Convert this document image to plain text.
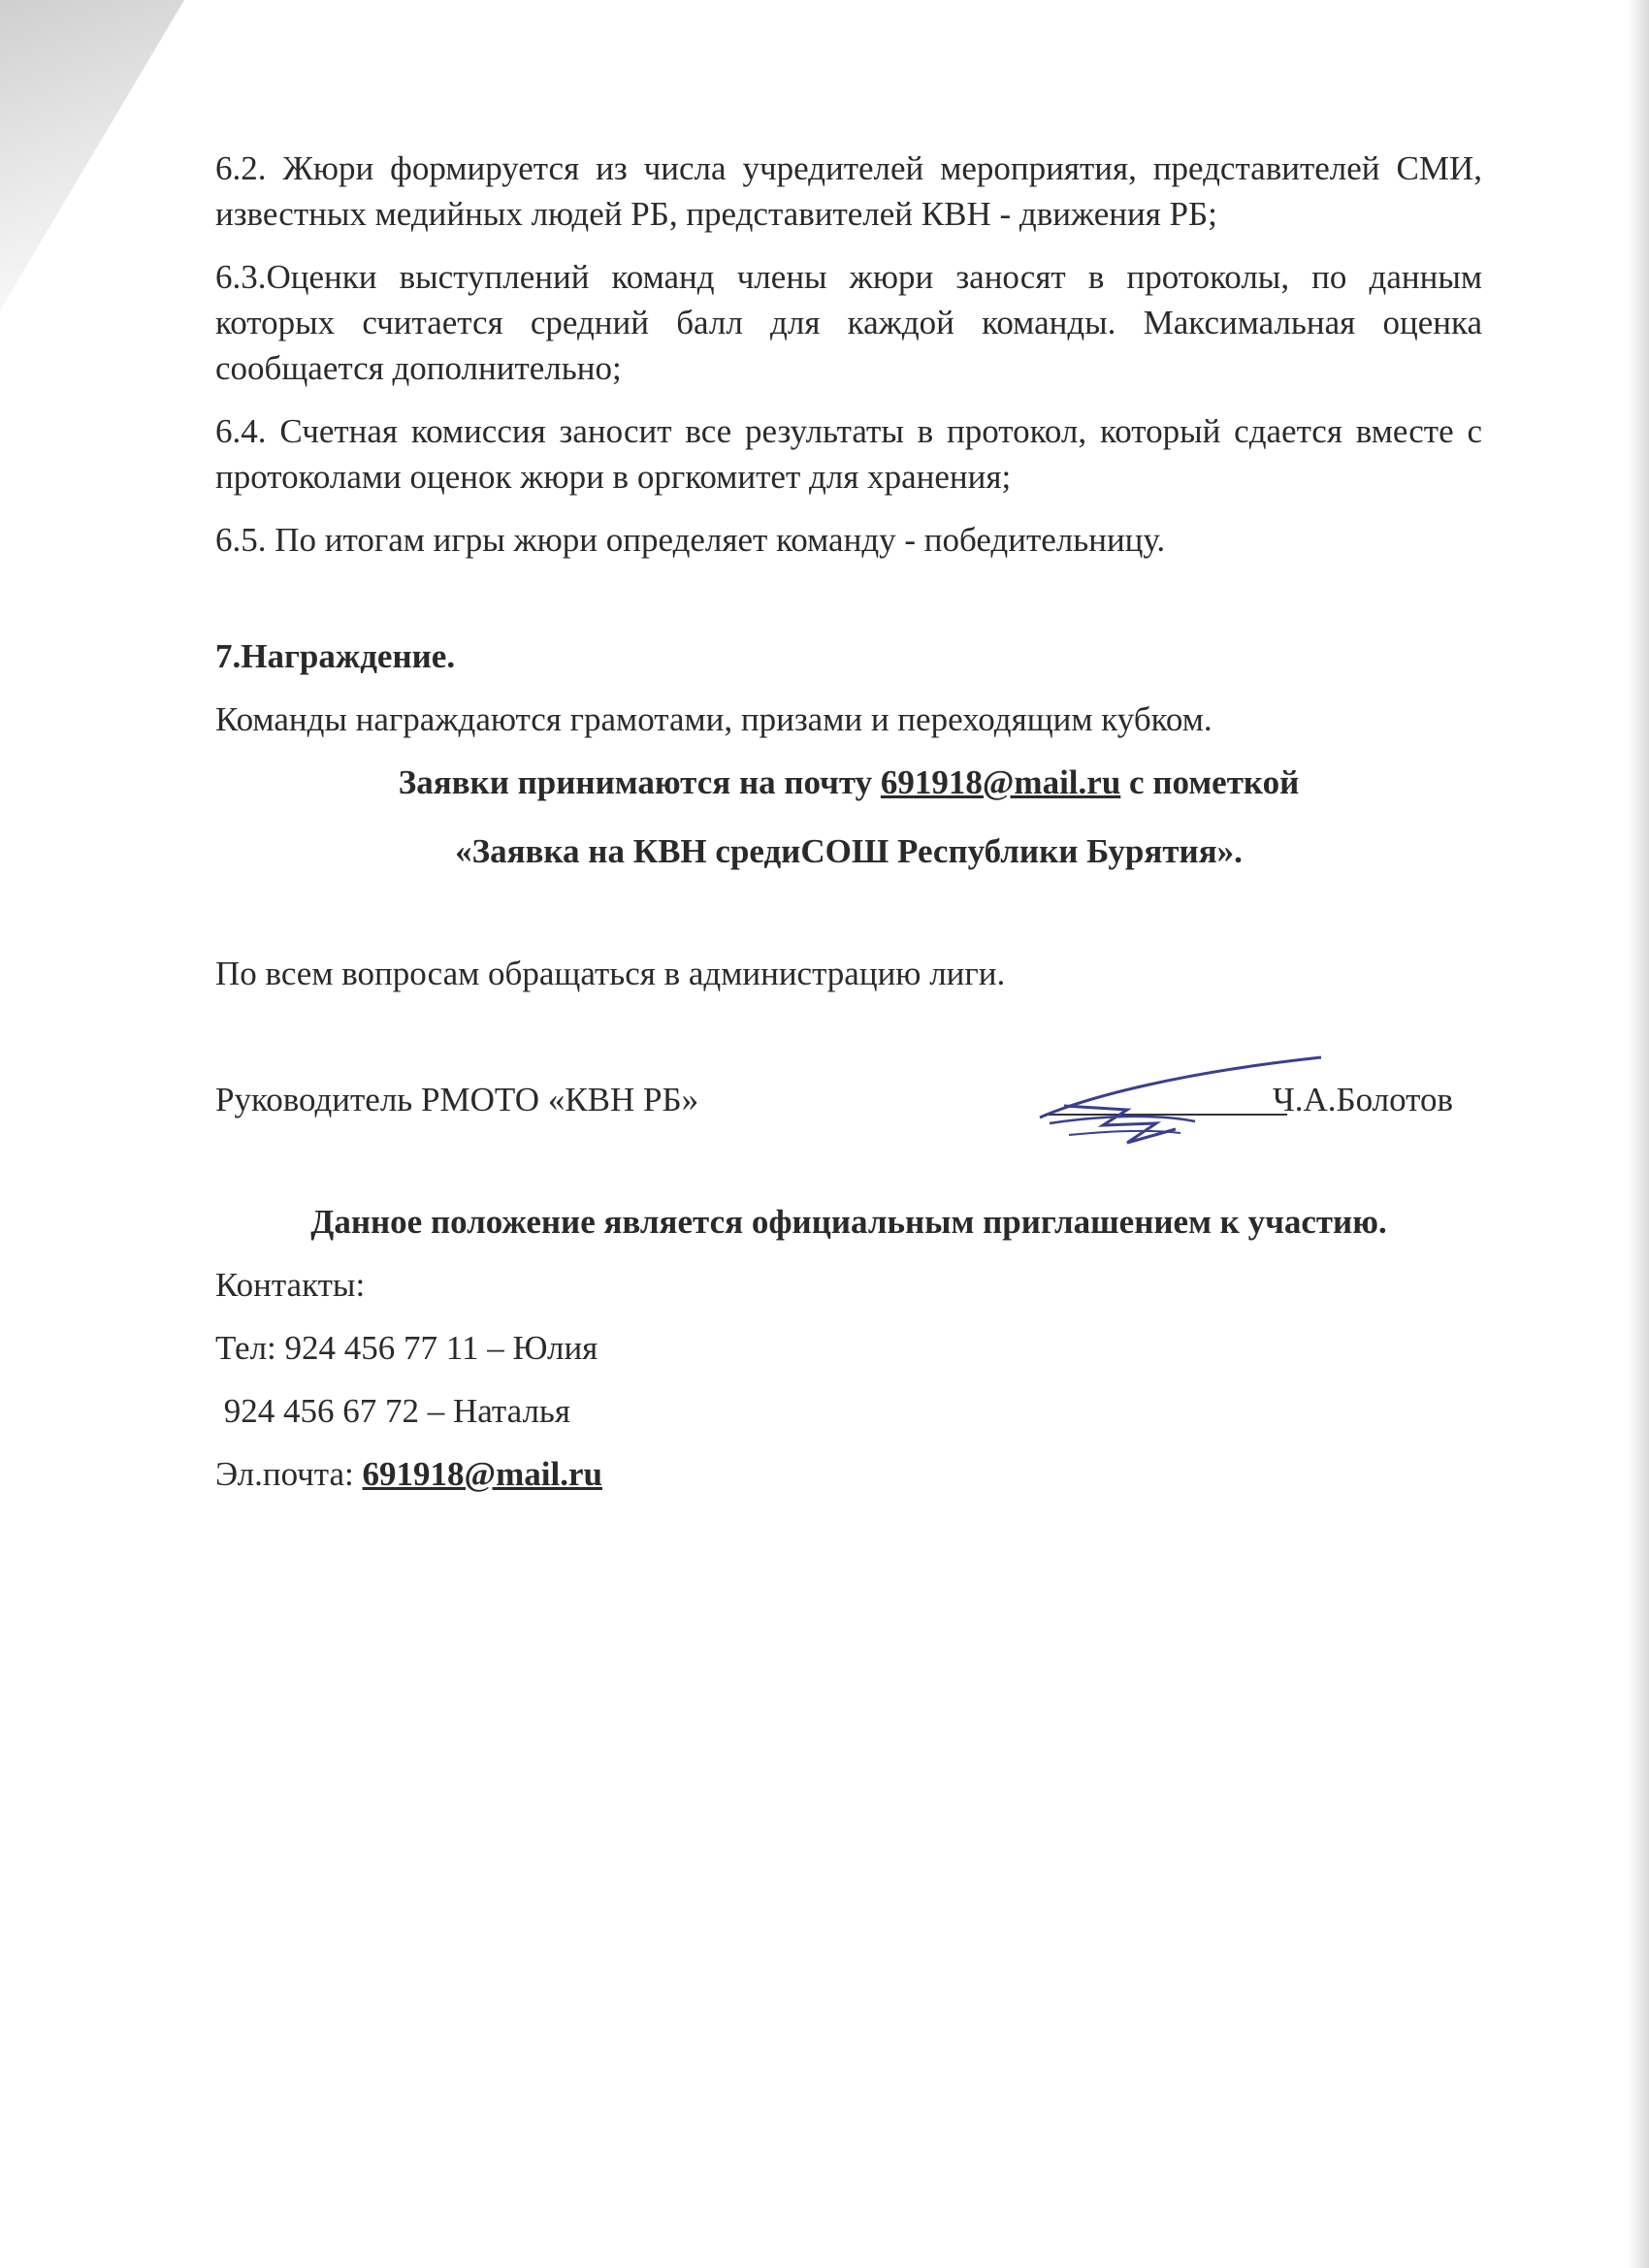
6.2. Жюри формируется из числа учредителей мероприятия, представителей СМИ, известных медийных людей РБ, представителей КВН - движения РБ;

6.3.Оценки выступлений команд члены жюри заносят в протоколы, по данным которых считается средний балл для каждой команды. Максимальная оценка сообщается дополнительно;

6.4. Счетная комиссия заносит все результаты в протокол, который сдается вместе с протоколами оценок жюри в оргкомитет для хранения;

6.5. По итогам игры жюри определяет команду - победительницу.

7.Награждение.

Команды награждаются грамотами, призами и переходящим кубком.

Заявки принимаются на почту 691918@mail.ru с пометкой

«Заявка на КВН средиСОШ Республики Бурятия».

По всем вопросам обращаться в администрацию лиги.

Руководитель РМОТО «КВН РБ»	Ч.А.Болотов

Данное положение является официальным приглашением к участию.

Контакты:

Тел: 924 456 77 11 – Юлия

924 456 67 72 – Наталья

Эл.почта: 691918@mail.ru
